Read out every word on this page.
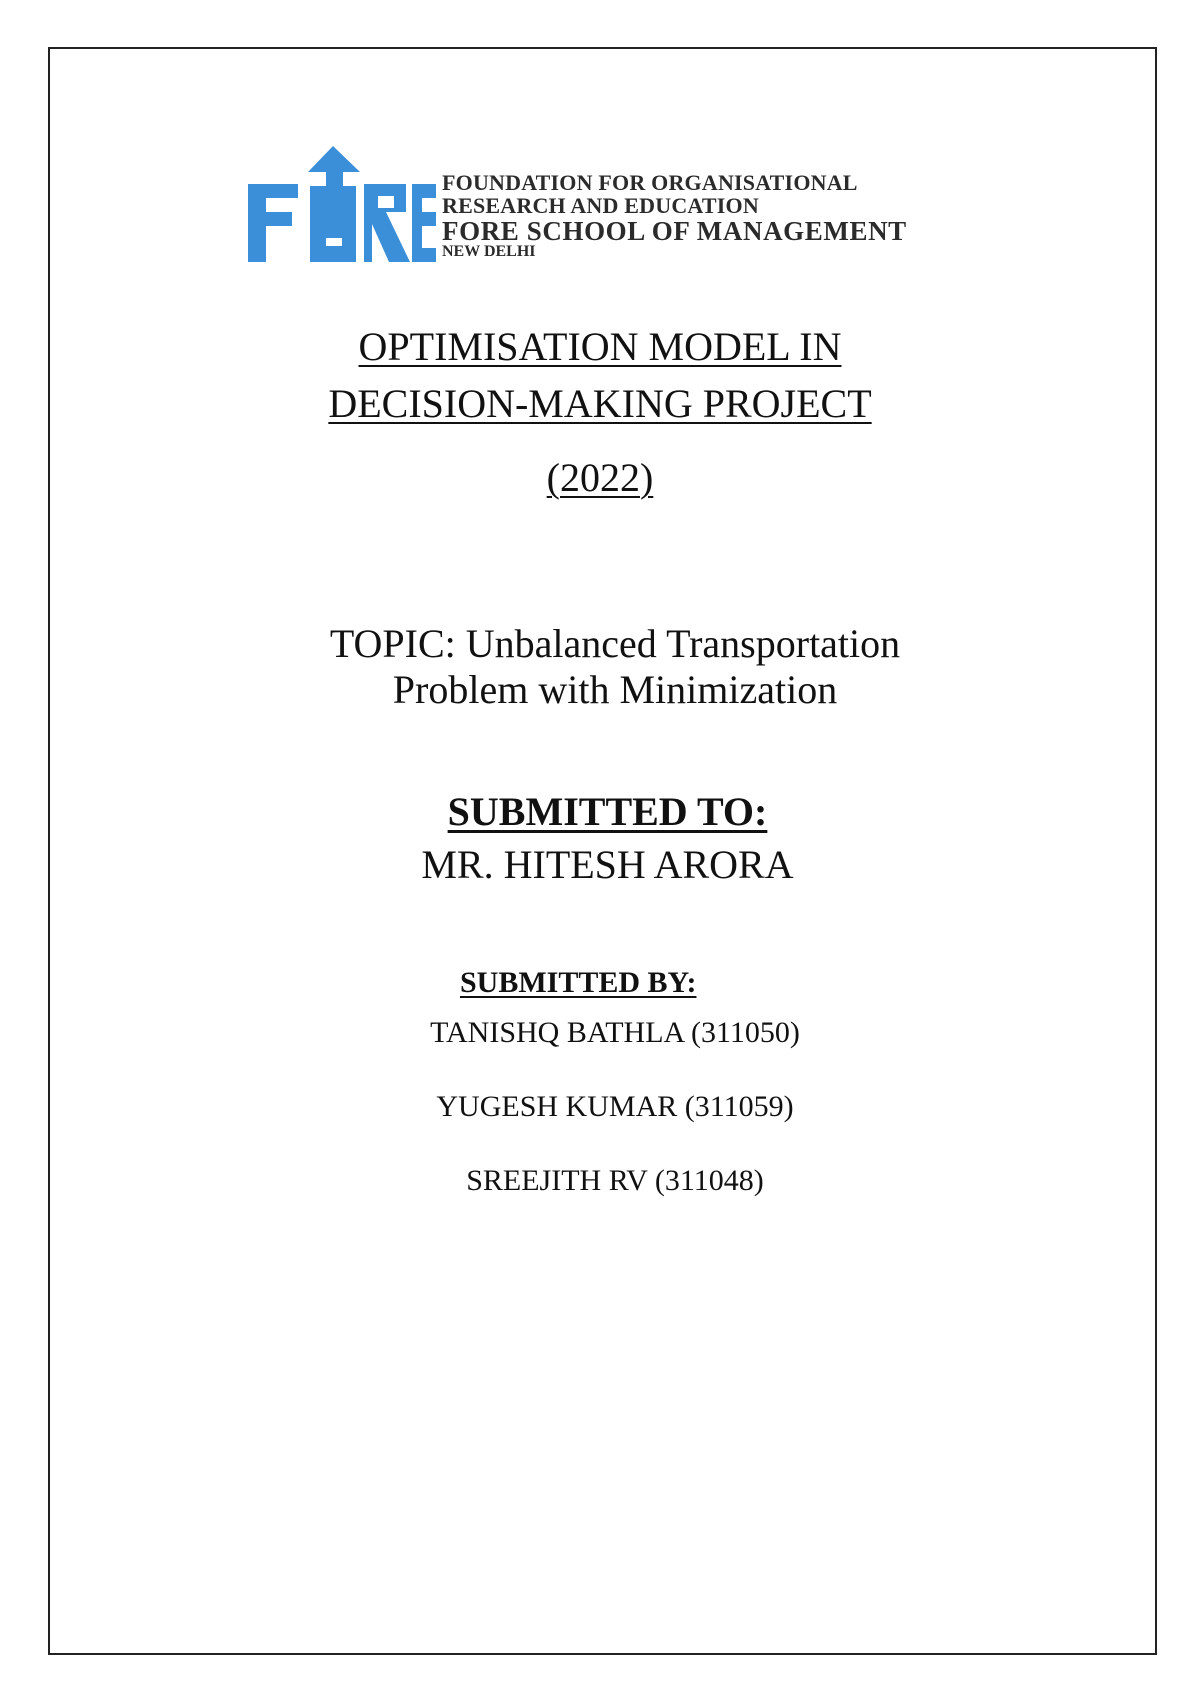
FOUNDATION FOR ORGANISATIONAL
RESEARCH AND EDUCATION
FORE SCHOOL OF MANAGEMENT
NEW DELHI
OPTIMISATION MODEL IN
DECISION-MAKING PROJECT
(2022)
TOPIC: Unbalanced Transportation
Problem with Minimization
SUBMITTED TO:
MR. HITESH ARORA
SUBMITTED BY:
TANISHQ BATHLA (311050)
YUGESH KUMAR (311059)
SREEJITH RV (311048)
